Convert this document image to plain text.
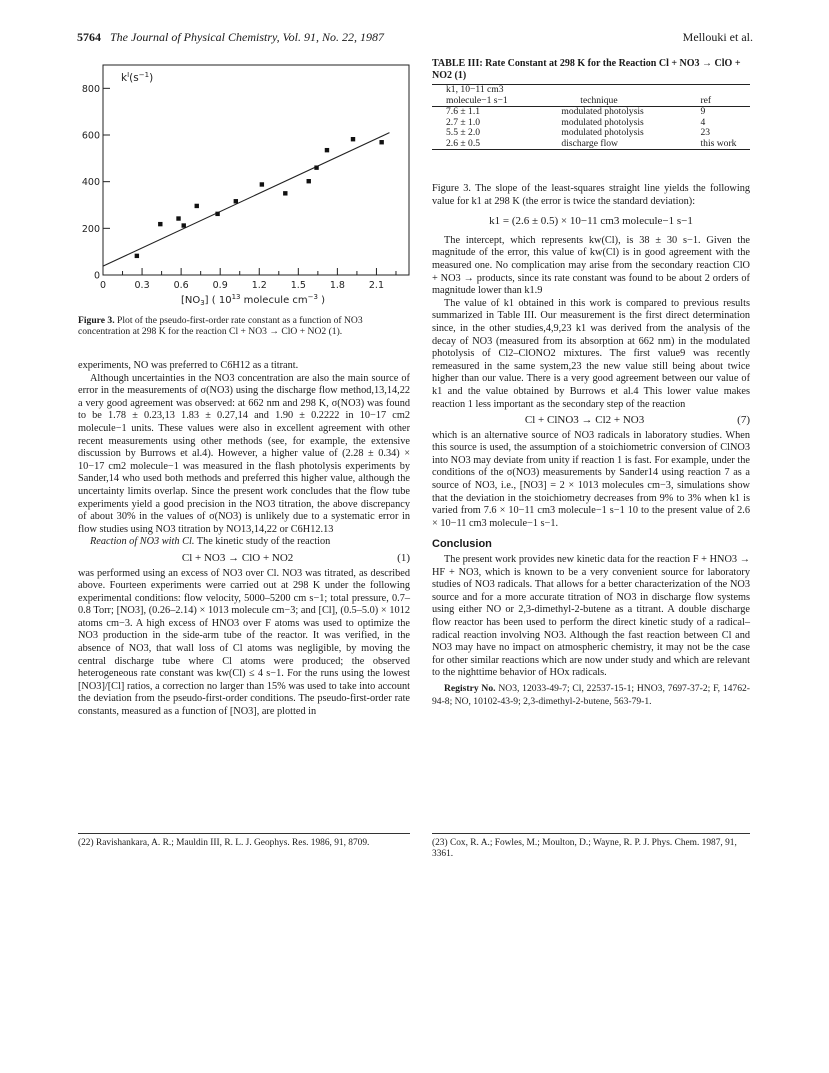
5764 The Journal of Physical Chemistry, Vol. 91, No. 22, 1987	Mellouki et al.
0
200
400
600
800
0	0.3	0.6	0.9	1.2	1.5	1.8	2.1
$k^I(s^{-1})$
$[NO_3]$ ( $10^{13}$ molecule $cm^{-3}$ )
Figure 3. Plot of the pseudo-first-order rate constant as a function of NO3 concentration at 298 K for the reaction Cl + NO3 → ClO + NO2 (1).

experiments, NO was preferred to C6H12 as a titrant.

Although uncertainties in the NO3 concentration are also the main source of error in the measurements of σ(NO3) using the discharge flow method,13,14,22 a very good agreement was observed: at 662 nm and 298 K, σ(NO3) was found to be 1.78 ± 0.23,13 1.83 ± 0.27,14 and 1.90 ± 0.2222 in 10−17 cm2 molecule−1 units. These values were also in excellent agreement with other recent measurements using other methods (see, for example, the extensive discussion by Burrows et al.4). However, a higher value of (2.28 ± 0.34) × 10−17 cm2 molecule−1 was measured in the flash photolysis experiments by Sander,14 who used both methods and preferred this higher value, although the uncertainty limits overlap. Since the present work concludes that the flow tube experiments yield a good precision in the NO3 titration, the above discrepancy of about 30% in the values of σ(NO3) is unlikely due to a systematic error in flow studies using NO3 titration by NO13,14,22 or C6H12.13

Reaction of NO3 with Cl. The kinetic study of the reaction

Cl + NO3 → ClO + NO2	(1)

was performed using an excess of NO3 over Cl. NO3 was titrated, as described above. Fourteen experiments were carried out at 298 K under the following experimental conditions: flow velocity, 5000–5200 cm s−1; total pressure, 0.7–0.8 Torr; [NO3], (0.26–2.14) × 1013 molecule cm−3; and [Cl], (0.5–5.0) × 1012 atoms cm−3. A high excess of HNO3 over F atoms was used to optimize the NO3 production in the side-arm tube of the reactor. It was verified, in the absence of NO3, that wall loss of Cl atoms was negligible, by moving the central discharge tube where Cl atoms were produced; the observed heterogeneous rate constant was kw(Cl) ≤ 4 s−1. For the runs using the lowest [NO3]/[Cl] ratios, a correction no larger than 15% was used to take into account the deviation from the pseudo-first-order conditions. The pseudo-first-order rate constants, measured as a function of [NO3], are plotted in

(22) Ravishankara, A. R.; Mauldin III, R. L. J. Geophys. Res. 1986, 91, 8709.
TABLE III: Rate Constant at 298 K for the Reaction Cl + NO3 → ClO + NO2 (1)
k1, 10−11 cm3 molecule−1 s−1	technique	ref
7.6 ± 1.1	modulated photolysis	9
2.7 ± 1.0	modulated photolysis	4
5.5 ± 2.0	modulated photolysis	23
2.6 ± 0.5	discharge flow	this work

Figure 3. The slope of the least-squares straight line yields the following value for k1 at 298 K (the error is twice the standard deviation):

k1 = (2.6 ± 0.5) × 10−11 cm3 molecule−1 s−1

The intercept, which represents kw(Cl), is 38 ± 30 s−1. Given the magnitude of the error, this value of kw(Cl) is in good agreement with the measured one. No complication may arise from the secondary reaction ClO + NO3 → products, since its rate constant was found to be about 2 orders of magnitude lower than k1.9

The value of k1 obtained in this work is compared to previous results summarized in Table III. Our measurement is the first direct determination since, in the other studies,4,9,23 k1 was derived from the analysis of the decay of NO3 (measured from its absorption at 662 nm) in the modulated photolysis of Cl2–ClONO2 mixtures. The first value9 was recently remeasured in the same system,23 the new value still being about twice higher than our value. There is a very good agreement between our value of k1 and the value obtained by Burrows et al.4 This lower value makes reaction 1 less important as the secondary step of the reaction

Cl + ClNO3 → Cl2 + NO3	(7)

which is an alternative source of NO3 radicals in laboratory studies. When this source is used, the assumption of a stoichiometric conversion of ClNO3 into NO3 may deviate from unity if reaction 1 is fast. For example, under the conditions of the σ(NO3) measurements by Sander14 using reaction 7 as a source of NO3, i.e., [NO3] = 2 × 1013 molecules cm−3, simulations show that the deviation in the stoichiometry decreases from 9% to 3% when k1 is varied from 7.6 × 10−11 cm3 molecule−1 s−1 10 to the present value of 2.6 × 10−11 cm3 molecule−1 s−1.

Conclusion

The present work provides new kinetic data for the reaction F + HNO3 → HF + NO3, which is known to be a very convenient source for laboratory studies of NO3 radicals. That allows for a better characterization of the NO3 source and for a more accurate titration of NO3 in discharge flow systems using either NO or 2,3-dimethyl-2-butene as a titrant. A double discharge flow reactor has been used to perform the direct kinetic study of a radical–radical reaction involving NO3. Although the fast reaction between Cl and NO3 may have no impact on atmospheric chemistry, it may not be the case for other similar reactions which are now under study and which are relevant to the nighttime behavior of HOx radicals.

Registry No. NO3, 12033-49-7; Cl, 22537-15-1; HNO3, 7697-37-2; F, 14762-94-8; NO, 10102-43-9; 2,3-dimethyl-2-butene, 563-79-1.

(23) Cox, R. A.; Fowles, M.; Moulton, D.; Wayne, R. P. J. Phys. Chem. 1987, 91, 3361.
